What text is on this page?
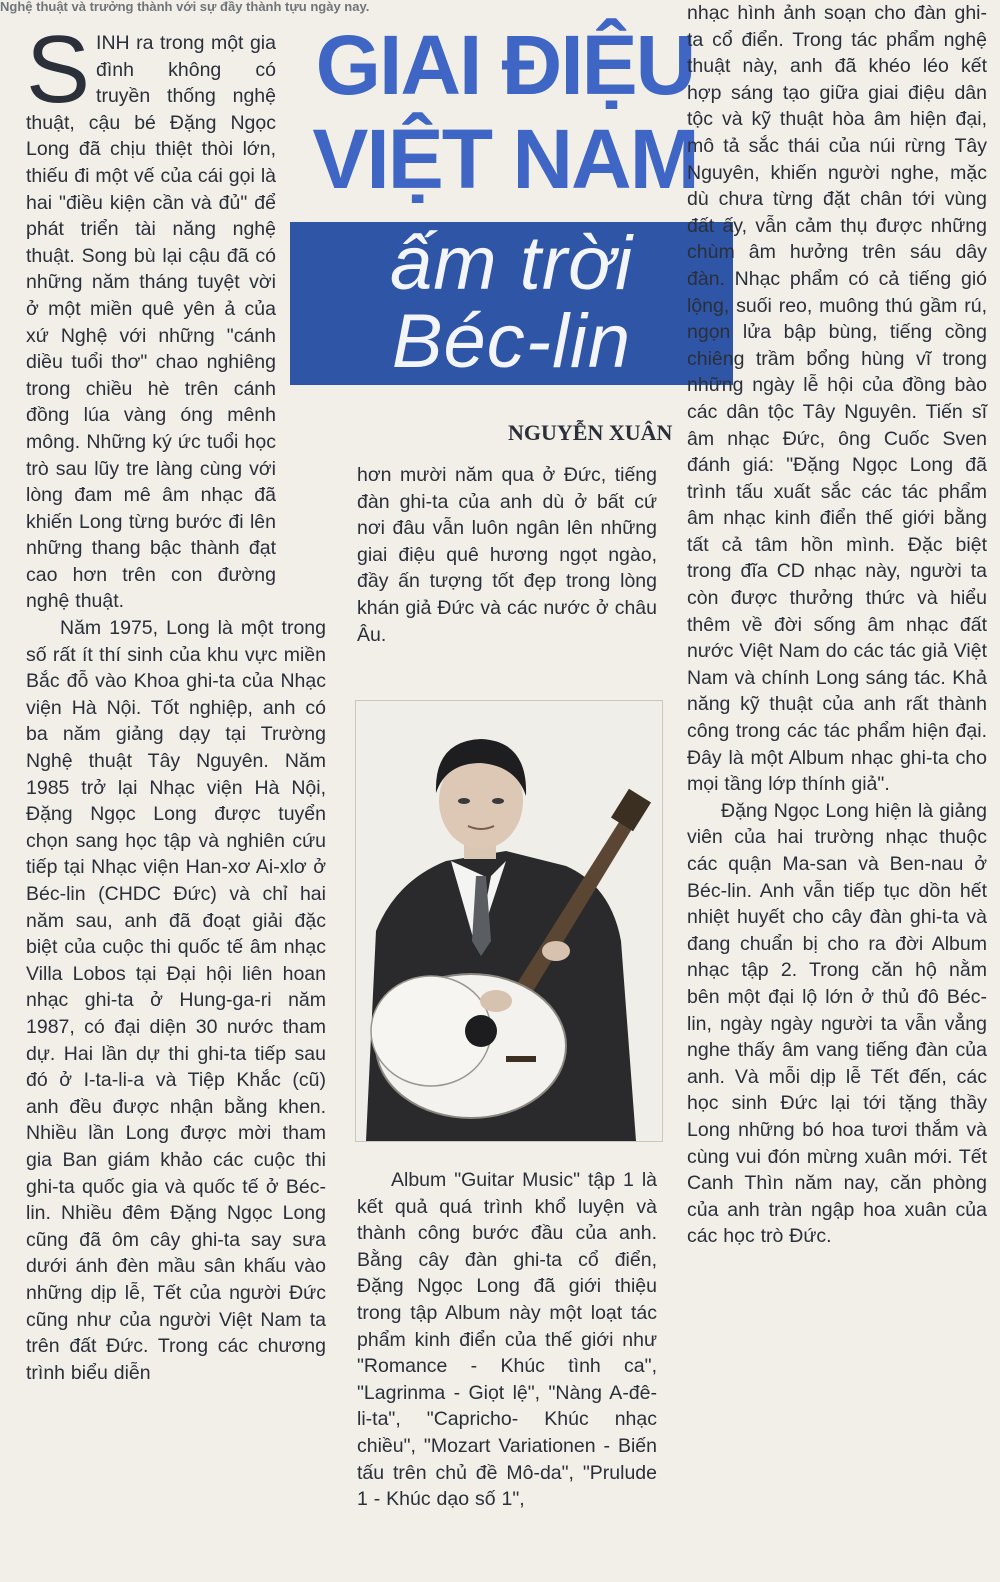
Nghệ thuật và trưởng thành với sự đầy thành tựu ngày nay.

SINH ra trong một gia đình không có truyền thống nghệ thuật, cậu bé Đặng Ngọc Long đã chịu thiệt thòi lớn, thiếu đi một vế của cái gọi là hai "điều kiện cần và đủ" để phát triển tài năng nghệ thuật. Song bù lại cậu đã có những năm tháng tuyệt vời ở một miền quê yên ả của xứ Nghệ với những "cánh diều tuổi thơ" chao nghiêng trong chiều hè trên cánh đồng lúa vàng óng mênh mông. Những ký ức tuổi học trò sau lũy tre làng cùng với lòng đam mê âm nhạc đã khiến Long từng bước đi lên những thang bậc thành đạt cao hơn trên con đường nghệ thuật.

Năm 1975, Long là một trong số rất ít thí sinh của khu vực miền Bắc đỗ vào Khoa ghi-ta của Nhạc viện Hà Nội. Tốt nghiệp, anh có ba năm giảng dạy tại Trường Nghệ thuật Tây Nguyên. Năm 1985 trở lại Nhạc viện Hà Nội, Đặng Ngọc Long được tuyển chọn sang học tập và nghiên cứu tiếp tại Nhạc viện Han-xơ Ai-xlơ ở Béc-lin (CHDC Đức) và chỉ hai năm sau, anh đã đoạt giải đặc biệt của cuộc thi quốc tế âm nhạc Villa Lobos tại Đại hội liên hoan nhạc ghi-ta ở Hung-ga-ri năm 1987, có đại diện 30 nước tham dự. Hai lần dự thi ghi-ta tiếp sau đó ở I-ta-li-a và Tiệp Khắc (cũ) anh đều được nhận bằng khen. Nhiều lần Long được mời tham gia Ban giám khảo các cuộc thi ghi-ta quốc gia và quốc tế ở Béc-lin. Nhiều đêm Đặng Ngọc Long cũng đã ôm cây ghi-ta say sưa dưới ánh đèn mầu sân khấu vào những dịp lễ, Tết của người Đức cũng như của người Việt Nam ta trên đất Đức. Trong các chương trình biểu diễn

GIAI ĐIỆU
VIỆT NAM
ấm trời
Béc-lin
NGUYỄN XUÂN

hơn mười năm qua ở Đức, tiếng đàn ghi-ta của anh dù ở bất cứ nơi đâu vẫn luôn ngân lên những giai điệu quê hương ngọt ngào, đầy ấn tượng tốt đẹp trong lòng khán giả Đức và các nước ở châu Âu.

Album "Guitar Music" tập 1 là kết quả quá trình khổ luyện và thành công bước đầu của anh. Bằng cây đàn ghi-ta cổ điển, Đặng Ngọc Long đã giới thiệu trong tập Album này một loạt tác phẩm kinh điển của thế giới như "Romance - Khúc tình ca", "Lagrinma - Giọt lệ", "Nàng A-đê-li-ta", "Capricho- Khúc nhạc chiều", "Mozart Variationen - Biến tấu trên chủ đề Mô-da", "Prulude 1 - Khúc dạo số 1",

nhạc hình ảnh soạn cho đàn ghi-ta cổ điển. Trong tác phẩm nghệ thuật này, anh đã khéo léo kết hợp sáng tạo giữa giai điệu dân tộc và kỹ thuật hòa âm hiện đại, mô tả sắc thái của núi rừng Tây Nguyên, khiến người nghe, mặc dù chưa từng đặt chân tới vùng đất ấy, vẫn cảm thụ được những chùm âm hưởng trên sáu dây đàn. Nhạc phẩm có cả tiếng gió lộng, suối reo, muông thú gầm rú, ngọn lửa bập bùng, tiếng cồng chiêng trầm bổng hùng vĩ trong những ngày lễ hội của đồng bào các dân tộc Tây Nguyên. Tiến sĩ âm nhạc Đức, ông Cuốc Sven đánh giá: "Đặng Ngọc Long đã trình tấu xuất sắc các tác phẩm âm nhạc kinh điển thế giới bằng tất cả tâm hồn mình. Đặc biệt trong đĩa CD nhạc này, người ta còn được thưởng thức và hiểu thêm về đời sống âm nhạc đất nước Việt Nam do các tác giả Việt Nam và chính Long sáng tác. Khả năng kỹ thuật của anh rất thành công trong các tác phẩm hiện đại. Đây là một Album nhạc ghi-ta cho mọi tầng lớp thính giả".

Đặng Ngọc Long hiện là giảng viên của hai trường nhạc thuộc các quận Ma-san và Ben-nau ở Béc-lin. Anh vẫn tiếp tục dồn hết nhiệt huyết cho cây đàn ghi-ta và đang chuẩn bị cho ra đời Album nhạc tập 2. Trong căn hộ nằm bên một đại lộ lớn ở thủ đô Béc-lin, ngày ngày người ta vẫn vẳng nghe thấy âm vang tiếng đàn của anh. Và mỗi dịp lễ Tết đến, các học sinh Đức lại tới tặng thầy Long những bó hoa tươi thắm và cùng vui đón mừng xuân mới. Tết Canh Thìn năm nay, căn phòng của anh tràn ngập hoa xuân của các học trò Đức.
